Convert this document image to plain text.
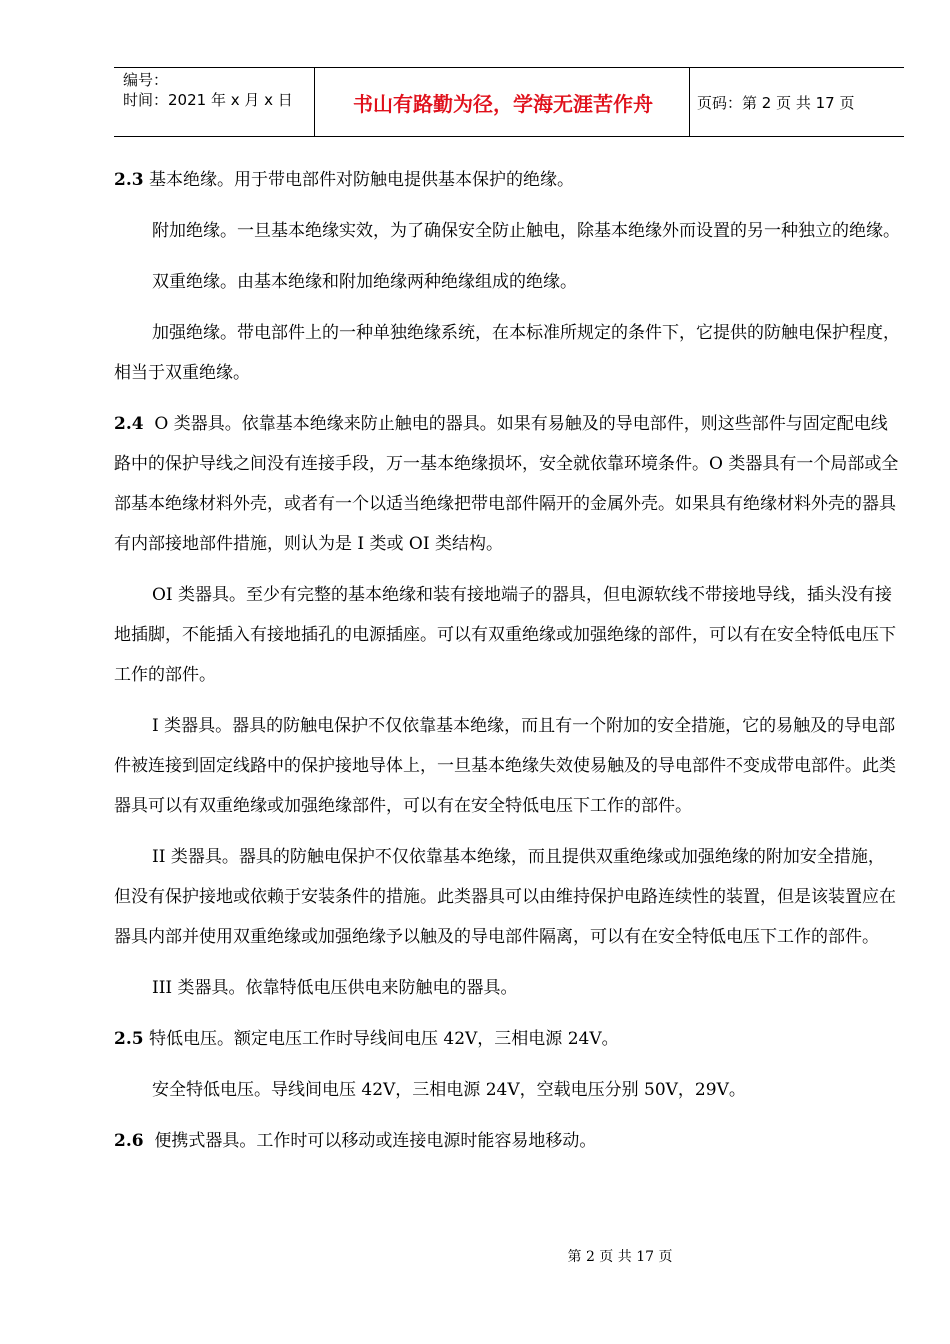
编号：
时间：2021 年 x 月 x 日	书山有路勤为径，学海无涯苦作舟	页码：第 2 页 共 17 页

2.3 基本绝缘。用于带电部件对防触电提供基本保护的绝缘。

附加绝缘。一旦基本绝缘实效，为了确保安全防止触电，除基本绝缘外而设置的另一种独立的绝缘。

双重绝缘。由基本绝缘和附加绝缘两种绝缘组成的绝缘。

加强绝缘。带电部件上的一种单独绝缘系统，在本标准所规定的条件下，它提供的防触电保护程度，相当于双重绝缘。

2.4 O 类器具。依靠基本绝缘来防止触电的器具。如果有易触及的导电部件，则这些部件与固定配电线路中的保护导线之间没有连接手段，万一基本绝缘损坏，安全就依靠环境条件。O 类器具有一个局部或全部基本绝缘材料外壳，或者有一个以适当绝缘把带电部件隔开的金属外壳。如果具有绝缘材料外壳的器具有内部接地部件措施，则认为是 I 类或 OI 类结构。

OI 类器具。至少有完整的基本绝缘和装有接地端子的器具，但电源软线不带接地导线，插头没有接地插脚，不能插入有接地插孔的电源插座。可以有双重绝缘或加强绝缘的部件，可以有在安全特低电压下工作的部件。

I 类器具。器具的防触电保护不仅依靠基本绝缘，而且有一个附加的安全措施，它的易触及的导电部件被连接到固定线路中的保护接地导体上，一旦基本绝缘失效使易触及的导电部件不变成带电部件。此类器具可以有双重绝缘或加强绝缘部件，可以有在安全特低电压下工作的部件。

II 类器具。器具的防触电保护不仅依靠基本绝缘，而且提供双重绝缘或加强绝缘的附加安全措施，但没有保护接地或依赖于安装条件的措施。此类器具可以由维持保护电路连续性的装置，但是该装置应在器具内部并使用双重绝缘或加强绝缘予以触及的导电部件隔离，可以有在安全特低电压下工作的部件。

III 类器具。依靠特低电压供电来防触电的器具。

2.5 特低电压。额定电压工作时导线间电压 42V，三相电源 24V。

安全特低电压。导线间电压 42V，三相电源 24V，空载电压分别 50V，29V。

2.6 便携式器具。工作时可以移动或连接电源时能容易地移动。

第 2 页 共 17 页
